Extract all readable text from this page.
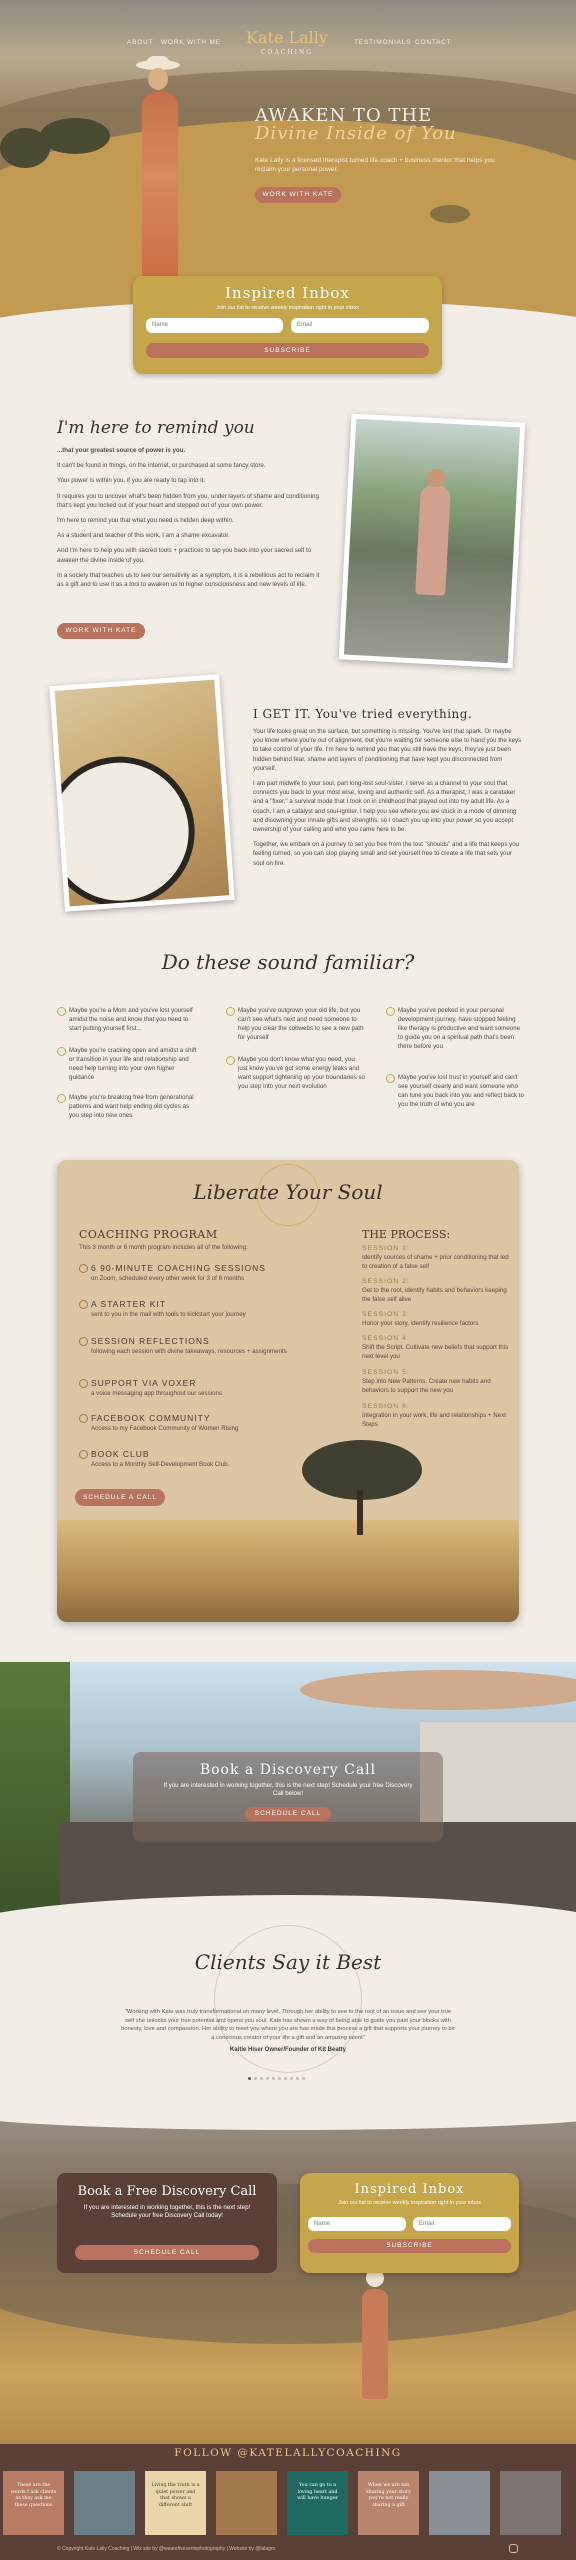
ABOUT WORK WITH ME	TESTIMONIALS CONTACT
Kate Lally
COACHING
AWAKEN TO THE
Divine Inside of You
Kate Lally is a licensed therapist turned life coach + business mentor that helps you reclaim your personal power.
WORK WITH KATE
Inspired Inbox
Join our list to receive weekly inspiration right in your inbox
Name	Email
SUBSCRIBE
I'm here to remind you
...that your greatest source of power is you.
It can't be found in things, on the internet, or purchased at some fancy store.
Your power is within you, if you are ready to tap into it.
It requires you to uncover what's been hidden from you, under layers of shame and conditioning that's kept you locked out of your heart and stepped out of your own power.
I'm here to remind you that what you need is hidden deep within.
As a student and teacher of this work, I am a shame excavator.
And I'm here to help you with sacred tools + practices to tap you back into your sacred self to awaken the divine inside of you.
In a society that teaches us to see our sensitivity as a symptom, it is a rebellious act to reclaim it as a gift and to use it as a tool to awaken us to higher consciousness and new levels of life.
WORK WITH KATE
I GET IT. You've tried everything.
Your life looks great on the surface, but something is missing. You've lost that spark. Or maybe you know where you're out of alignment, but you're waiting for someone else to hand you the keys to take control of your life. I'm here to remind you that you still have the keys, they've just been hidden behind fear, shame and layers of conditioning that have kept you disconnected from yourself.
I am part midwife to your soul, part long-lost soul-sister. I serve as a channel to your soul that connects you back to your most wise, loving and authentic self. As a therapist, I was a caretaker and a "fixer," a survival mode that I took on in childhood that played out into my adult life. As a coach, I am a catalyst and soul-igniter. I help you see where you are stuck in a mode of dimming and disowning your innate gifts and strengths, so I coach you up into your power so you accept ownership of your calling and who you came here to be.
Together, we embark on a journey to set you free from the lost "shoulds" and a life that keeps you feeling turned, so you can stop playing small and set yourself free to create a life that sets your soul on fire.
Do these sound familiar?
Maybe you're a Mom and you've lost yourself amidst the noise and know that you need to start putting yourself first...
Maybe you're cracking open and amidst a shift or transition in your life and relationship and need help turning into your own higher guidance
Maybe you're breaking free from generational patterns and want help ending old cycles as you step into new ones
Maybe you've outgrown your old life, but you can't see what's next and need someone to help you clear the cobwebs to see a new path for yourself
Maybe you don't know what you need, you just know you've got some energy leaks and want support tightening up your boundaries so you step into your next evolution
Maybe you've peeked in your personal development journey, have stopped feeling like therapy is productive and want someone to guide you on a spiritual path that's been there before you
Maybe you've lost trust in yourself and can't see yourself clearly and want someone who can tune you back into you and reflect back to you the truth of who you are
Liberate Your Soul
COACHING PROGRAM
This 3 month or 6 month program includes all of the following:
6 90-MINUTE COACHING SESSIONS
on Zoom, scheduled every other week for 3 of 6 months
A STARTER KIT
sent to you in the mail with tools to kickstart your journey
SESSION REFLECTIONS
following each session with divine takeaways, resources + assignments
SUPPORT VIA VOXER
a voice messaging app throughout our sessions
FACEBOOK COMMUNITY
Access to my Facebook Community of Women Rising
BOOK CLUB
Access to a Monthly Self-Development Book Club.
SCHEDULE A CALL
THE PROCESS:
SESSION 1:
Identify sources of shame + prior conditioning that led to creation of a false self
SESSION 2:
Get to the root, identify habits and behaviors keeping the false self alive
SESSION 3:
Honor your story, identify resilience factors
SESSION 4:
Shift the Script. Cultivate new beliefs that support this next level you
SESSION 5:
Step into New Patterns. Create new habits and behaviors to support the new you
SESSION 6:
Integration in your work, life and relationships + Next Steps
Book a Discovery Call
If you are interested in working together, this is the next step! Schedule your free Discovery Call below!
SCHEDULE CALL
Clients Say it Best
"Working with Kate was truly transformational on many level. Through her ability to see to the root of an issue and see your true self she unlocks your true potential and opens you soul. Kate has shown a way of being able to guide you past your blocks with honesty, love and compassion. Her ability to meet you where you are has made this process a gift that supports your journey to be a conscious creator of your life a gift and an amazing talent"
Kaitie Hiser Owner/Founder of Kit Beatty
Book a Free Discovery Call
If you are interested in working together, this is the next step! Schedule your free Discovery Call today!
SCHEDULE CALL
Inspired Inbox
Join our list to receive weekly inspiration right in your inbox
Name	Email
SUBSCRIBE
FOLLOW @KATELALLYCOACHING
These are the words I ask clients as they ask me these questions
Living the truth is a quiet power and that shows a different shift
You can go to a loving heart and will have hunger
When we are not sharing your story you're not really sharing a gift
© Copyright Kate Lally Coaching | Wix site by @wearefivesentsphotography | Website by @lalagm
